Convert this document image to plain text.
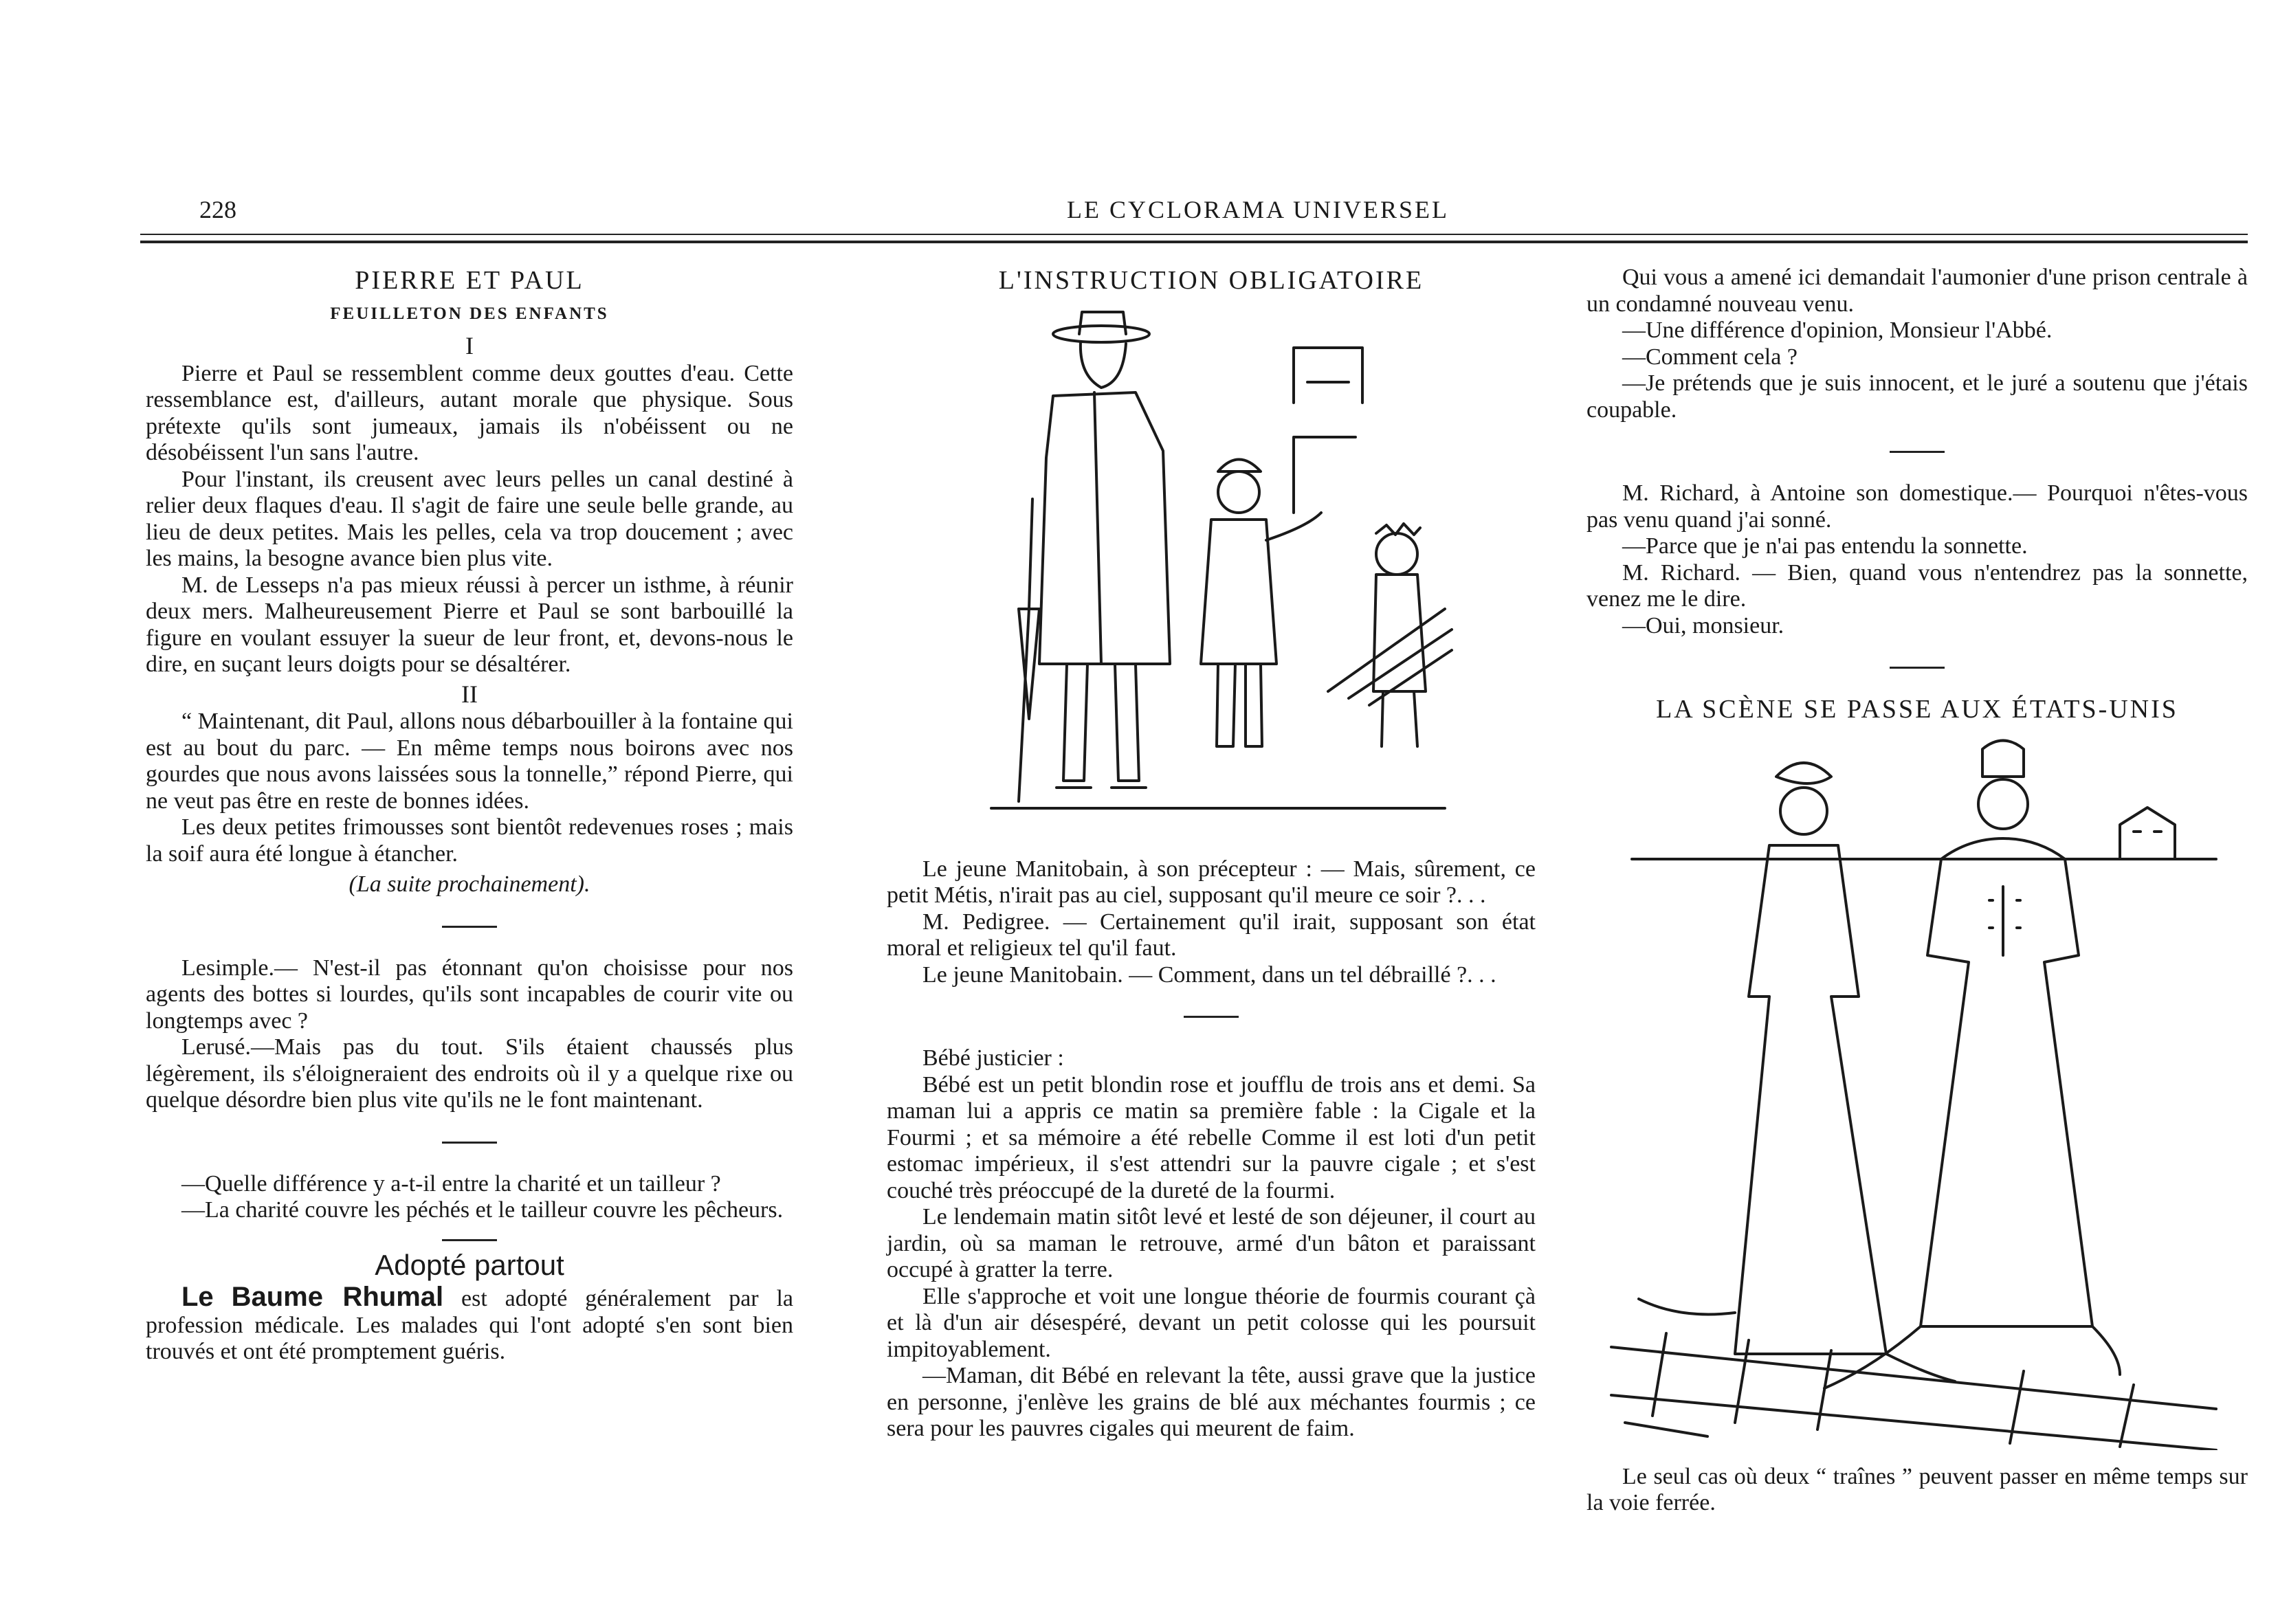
228	LE CYCLORAMA UNIVERSEL
PIERRE ET PAUL
FEUILLETON DES ENFANTS
I

Pierre et Paul se ressemblent comme deux gouttes d'eau. Cette ressemblance est, d'ailleurs, autant morale que physique. Sous prétexte qu'ils sont jumeaux, jamais ils n'obéissent ou ne désobéissent l'un sans l'autre.

Pour l'instant, ils creusent avec leurs pelles un canal destiné à relier deux flaques d'eau. Il s'agit de faire une seule belle grande, au lieu de deux petites. Mais les pelles, cela va trop doucement ; avec les mains, la besogne avance bien plus vite.

M. de Lesseps n'a pas mieux réussi à percer un isthme, à réunir deux mers. Malheureusement Pierre et Paul se sont barbouillé la figure en voulant essuyer la sueur de leur front, et, devons-nous le dire, en suçant leurs doigts pour se désaltérer.

II

“ Maintenant, dit Paul, allons nous débarbouiller à la fontaine qui est au bout du parc. — En même temps nous boirons avec nos gourdes que nous avons laissées sous la tonnelle,” répond Pierre, qui ne veut pas être en reste de bonnes idées.

Les deux petites frimousses sont bientôt redevenues roses ; mais la soif aura été longue à étancher.

(La suite prochainement).

Lesimple.— N'est-il pas étonnant qu'on choisisse pour nos agents des bottes si lourdes, qu'ils sont incapables de courir vite ou longtemps avec ?

Lerusé.—Mais pas du tout. S'ils étaient chaussés plus légèrement, ils s'éloigneraient des endroits où il y a quelque rixe ou quelque désordre bien plus vite qu'ils ne le font maintenant.

—Quelle différence y a-t-il entre la charité et un tailleur ?

—La charité couvre les péchés et le tailleur couvre les pêcheurs.

Adopté partout

Le Baume Rhumal est adopté généralement par la profession médicale. Les malades qui l'ont adopté s'en sont bien trouvés et ont été promptement guéris.

L'INSTRUCTION OBLIGATOIRE

Le jeune Manitobain, à son précepteur : — Mais, sûrement, ce petit Métis, n'irait pas au ciel, supposant qu'il meure ce soir ?. . .

M. Pedigree. — Certainement qu'il irait, supposant son état moral et religieux tel qu'il faut.

Le jeune Manitobain. — Comment, dans un tel débraillé ?. . .

Bébé justicier :

Bébé est un petit blondin rose et joufflu de trois ans et demi. Sa maman lui a appris ce matin sa première fable : la Cigale et la Fourmi ; et sa mémoire a été rebelle Comme il est loti d'un petit estomac impérieux, il s'est attendri sur la pauvre cigale ; et s'est couché très préoccupé de la dureté de la fourmi.

Le lendemain matin sitôt levé et lesté de son déjeuner, il court au jardin, où sa maman le retrouve, armé d'un bâton et paraissant occupé à gratter la terre.

Elle s'approche et voit une longue théorie de fourmis courant çà et là d'un air désespéré, devant un petit colosse qui les poursuit impitoyablement.

—Maman, dit Bébé en relevant la tête, aussi grave que la justice en personne, j'enlève les grains de blé aux méchantes fourmis ; ce sera pour les pauvres cigales qui meurent de faim.

Qui vous a amené ici demandait l'aumonier d'une prison centrale à un condamné nouveau venu.

—Une différence d'opinion, Monsieur l'Abbé.

—Comment cela ?

—Je prétends que je suis innocent, et le juré a soutenu que j'étais coupable.

M. Richard, à Antoine son domestique.— Pourquoi n'êtes-vous pas venu quand j'ai sonné.

—Parce que je n'ai pas entendu la sonnette.

M. Richard. — Bien, quand vous n'entendrez pas la sonnette, venez me le dire.

—Oui, monsieur.

LA SCÈNE SE PASSE AUX ÉTATS-UNIS

Le seul cas où deux “ traînes ” peuvent passer en même temps sur la voie ferrée.
